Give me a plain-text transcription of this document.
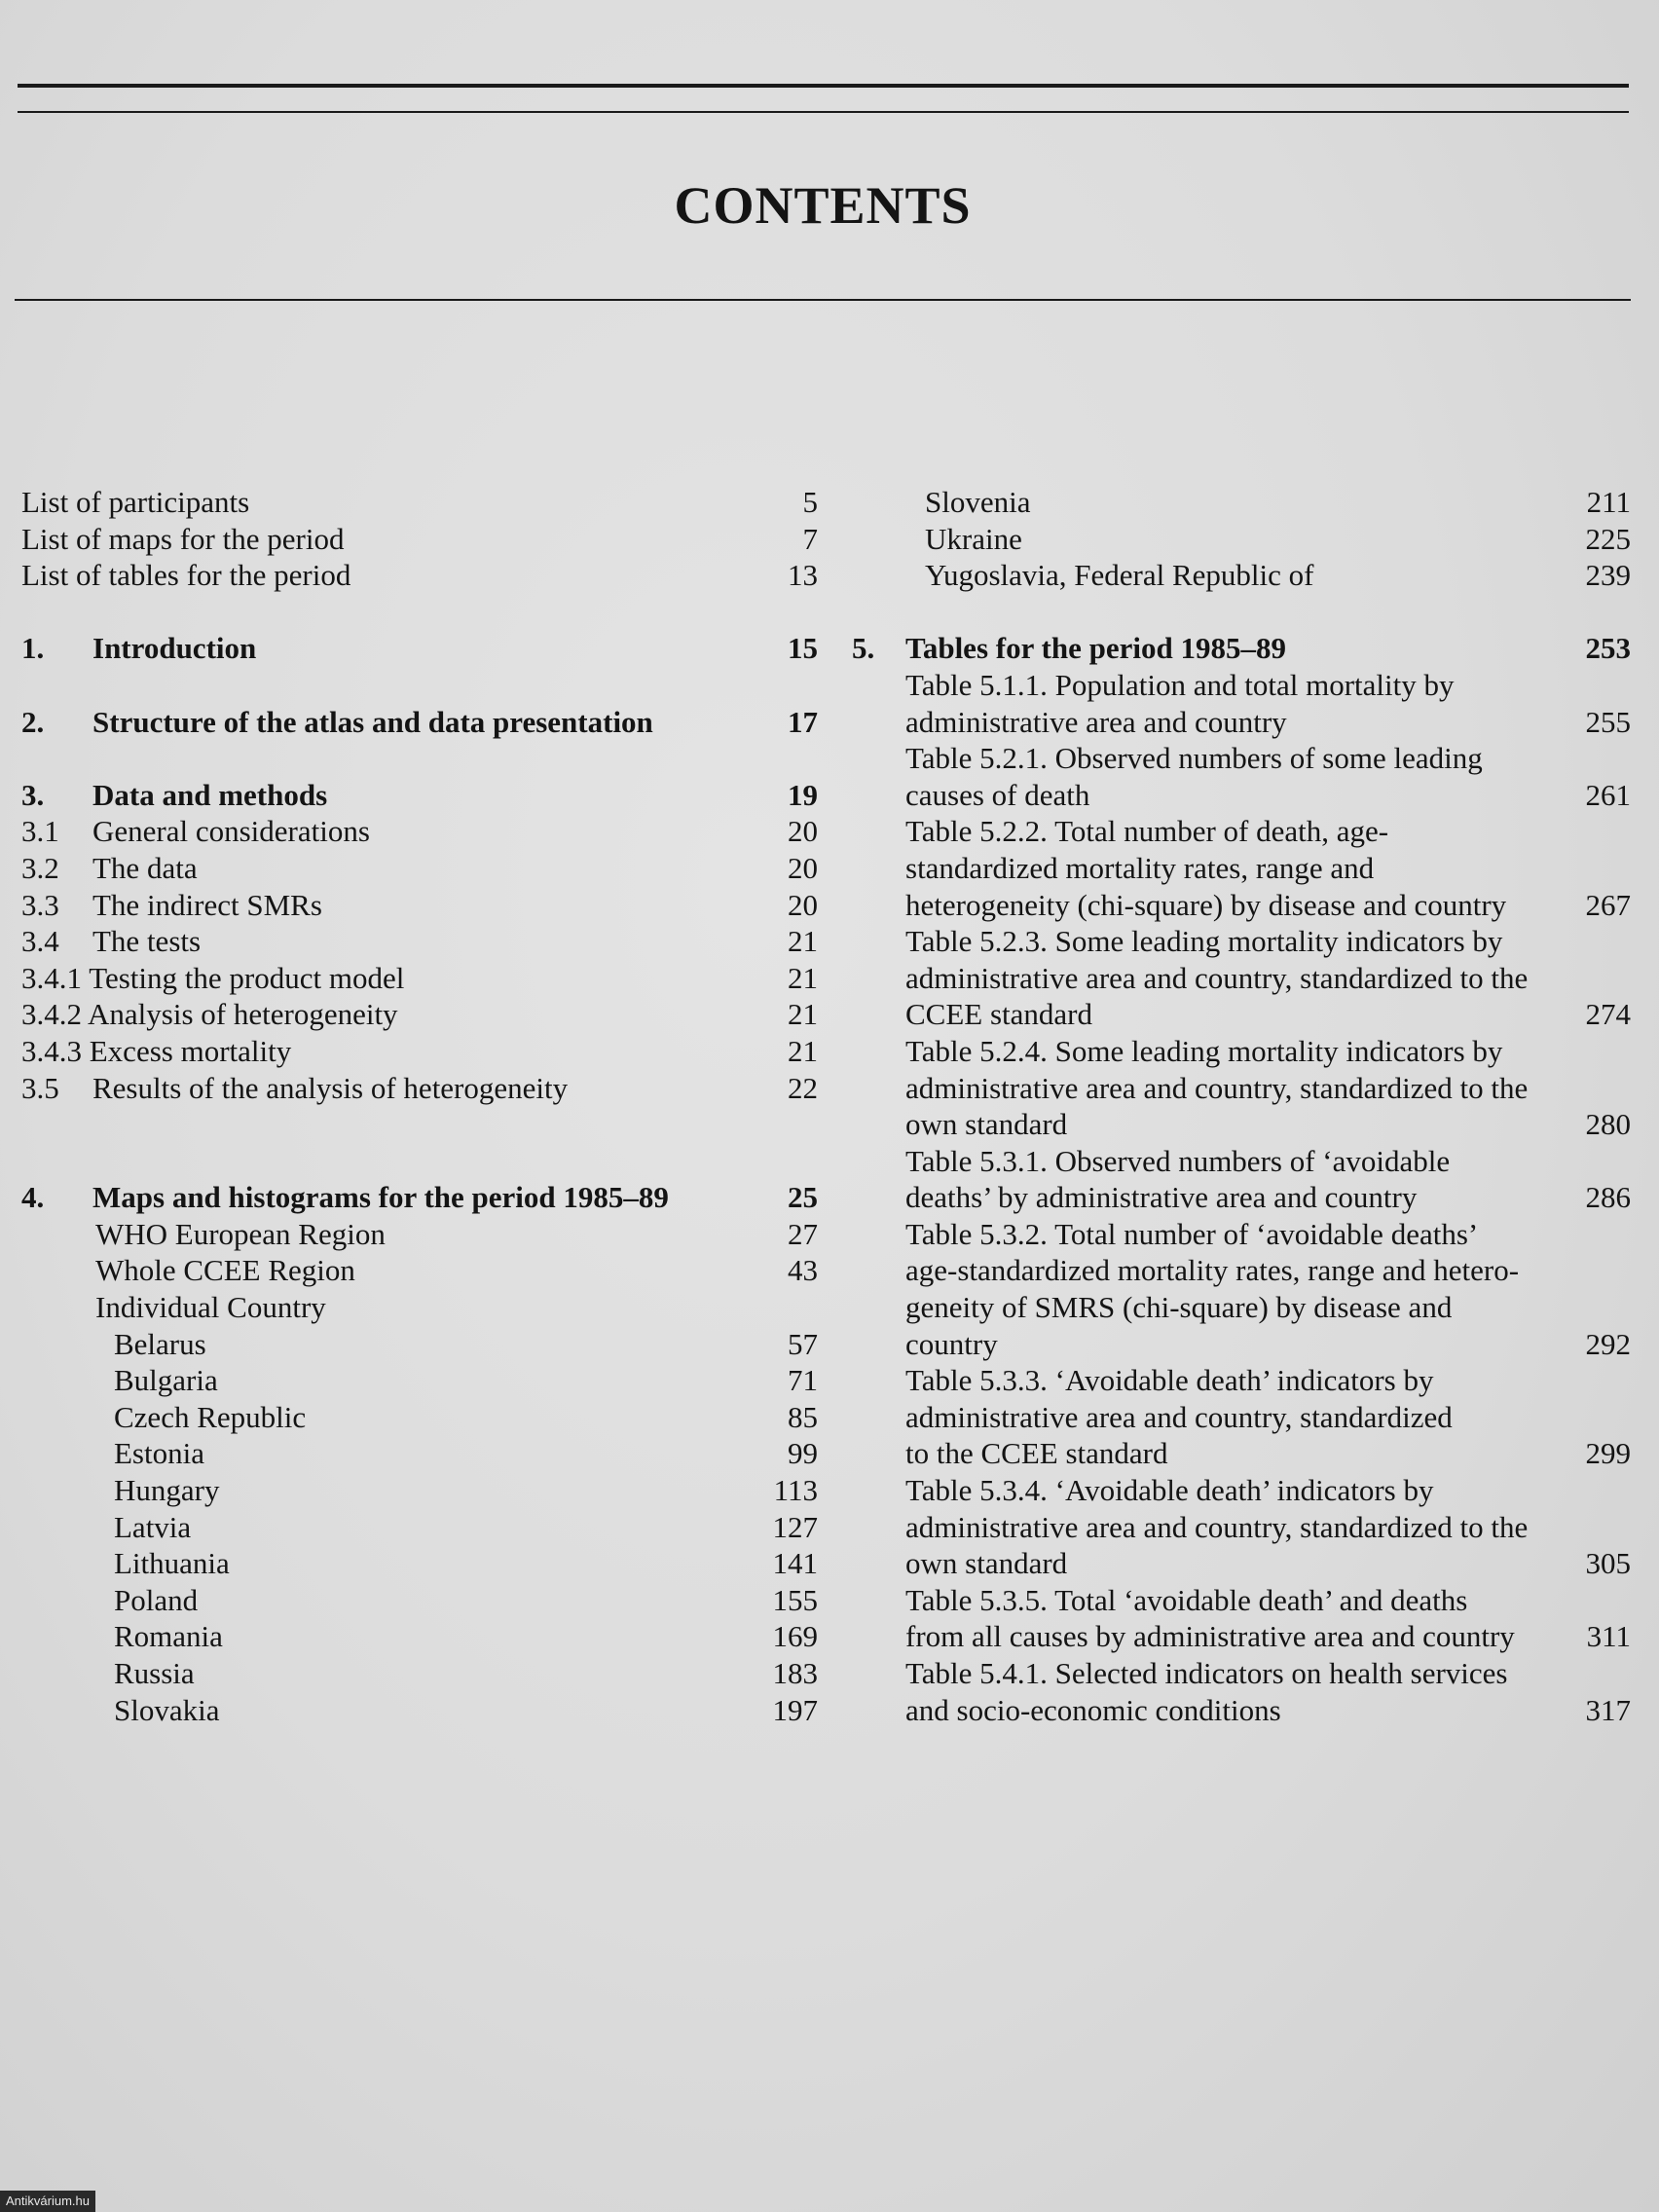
CONTENTS
List of participants	5
List of maps for the period	7
List of tables for the period	13
1. Introduction	15
2. Structure of the atlas and data presentation	17
3. Data and methods	19
3.1 General considerations	20
3.2 The data	20
3.3 The indirect SMRs	20
3.4 The tests	21
3.4.1 Testing the product model	21
3.4.2 Analysis of heterogeneity	21
3.4.3 Excess mortality	21
3.5 Results of the analysis of heterogeneity	22
4. Maps and histograms for the period 1985–89	25
WHO European Region	27
Whole CCEE Region	43
Individual Country
Belarus	57
Bulgaria	71
Czech Republic	85
Estonia	99
Hungary	113
Latvia	127
Lithuania	141
Poland	155
Romania	169
Russia	183
Slovakia	197
Slovenia	211
Ukraine	225
Yugoslavia, Federal Republic of	239
5. Tables for the period 1985–89	253
Table 5.1.1. Population and total mortality by
administrative area and country	255
Table 5.2.1. Observed numbers of some leading
causes of death	261
Table 5.2.2. Total number of death, age-
standardized mortality rates, range and
heterogeneity (chi-square) by disease and country	267
Table 5.2.3. Some leading mortality indicators by
administrative area and country, standardized to the
CCEE standard	274
Table 5.2.4. Some leading mortality indicators by
administrative area and country, standardized to the
own standard	280
Table 5.3.1. Observed numbers of ‘avoidable
deaths’ by administrative area and country	286
Table 5.3.2. Total number of ‘avoidable deaths’
age-standardized mortality rates, range and hetero-
geneity of SMRS (chi-square) by disease and
country	292
Table 5.3.3. ‘Avoidable death’ indicators by
administrative area and country, standardized
to the CCEE standard	299
Table 5.3.4. ‘Avoidable death’ indicators by
administrative area and country, standardized to the
own standard	305
Table 5.3.5. Total ‘avoidable death’ and deaths
from all causes by administrative area and country 311
Table 5.4.1. Selected indicators on health services
and socio-economic conditions	317
Antikvárium.hu
